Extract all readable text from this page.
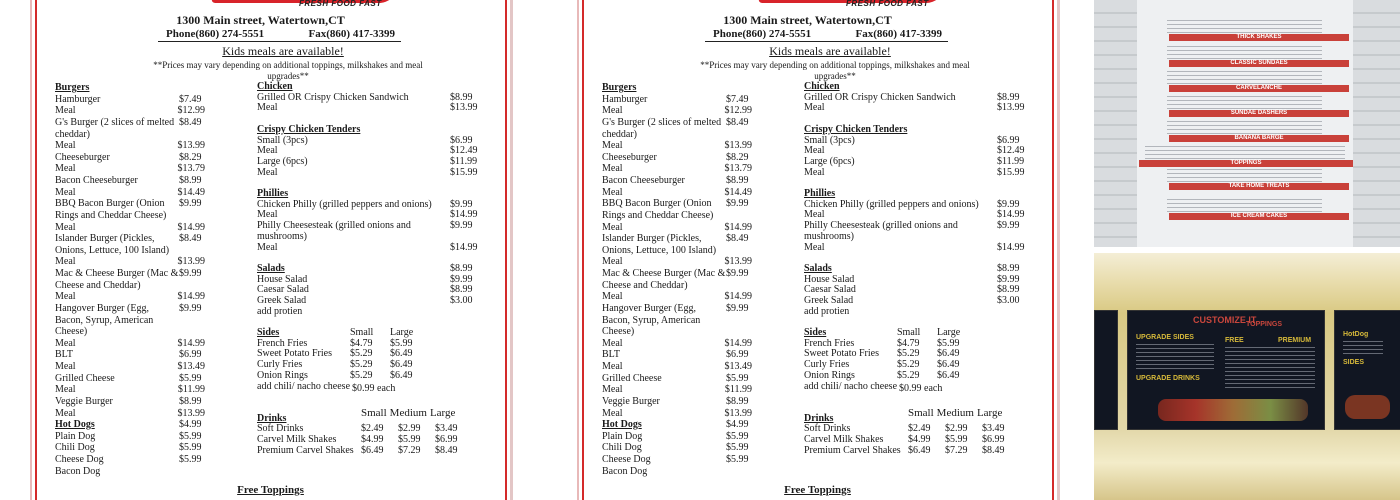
FRESH FOOD FAST
1300 Main street, Watertown,CT
Phone(860) 274-5551	Fax(860) 417-3399
Kids meals are available!
**Prices may vary depending on additional toppings, milkshakes and meal upgrades**
Burgers
Hamburger	$7.49
Meal	$12.99
G's Burger (2 slices of melted cheddar)
$8.49
Meal	$13.99
Cheeseburger	$8.29
Meal	$13.79
Bacon Cheeseburger	$8.99
Meal	$14.49
BBQ Bacon Burger (Onion Rings and Cheddar Cheese)
$9.99
Meal	$14.99
Islander Burger (Pickles, Onions, Lettuce, 100 Island)
$8.49
Meal	$13.99
Mac & Cheese Burger (Mac & Cheese and Cheddar)
$9.99
Meal	$14.99
Hangover Burger (Egg, Bacon, Syrup, American Cheese)
$9.99
Meal	$14.99
BLT	$6.99
Meal	$13.49
Grilled Cheese	$5.99
Meal	$11.99
Veggie Burger	$8.99
Meal	$13.99
Hot Dogs	$4.99
Plain Dog	$5.99
Chili Dog	$5.99
Cheese Dog	$5.99
Bacon Dog
Chicken
Grilled OR Crispy Chicken Sandwich	$8.99
Meal	$13.99
Crispy Chicken Tenders
Small (3pcs)	$6.99
Meal	$12.49
Large (6pcs)	$11.99
Meal	$15.99
Phillies
Chicken Philly (grilled peppers and onions)	$9.99
Meal	$14.99
Philly Cheesesteak (grilled onions and mushrooms)
$9.99
Meal	$14.99
Salads	$8.99
House Salad	$9.99
Caesar Salad	$8.99
Greek Salad	$3.00
add protien
Sides	Small	Large
French Fries	$4.79	$5.99
Sweet Potato Fries	$5.29	$6.49
Curly Fries	$5.29	$6.49
Onion Rings	$5.29	$6.49
add chili/ nacho cheese $0.99 each
Small Medium Large
Drinks
Soft Drinks	$2.49	$2.99	$3.49
Carvel Milk Shakes	$4.99	$5.99	$6.99
Premium Carvel Shakes $6.49	$7.29	$8.49
Free Toppings
FRESH FOOD FAST
1300 Main street, Watertown,CT
Phone(860) 274-5551	Fax(860) 417-3399
Kids meals are available!
**Prices may vary depending on additional toppings, milkshakes and meal upgrades**
Burgers
Hamburger	$7.49
Meal	$12.99
G's Burger (2 slices of melted cheddar)
$8.49
Meal	$13.99
Cheeseburger	$8.29
Meal	$13.79
Bacon Cheeseburger	$8.99
Meal	$14.49
BBQ Bacon Burger (Onion Rings and Cheddar Cheese)
$9.99
Meal	$14.99
Islander Burger (Pickles, Onions, Lettuce, 100 Island)
$8.49
Meal	$13.99
Mac & Cheese Burger (Mac & Cheese and Cheddar)
$9.99
Meal	$14.99
Hangover Burger (Egg, Bacon, Syrup, American Cheese)
$9.99
Meal	$14.99
BLT	$6.99
Meal	$13.49
Grilled Cheese	$5.99
Meal	$11.99
Veggie Burger	$8.99
Meal	$13.99
Hot Dogs	$4.99
Plain Dog	$5.99
Chili Dog	$5.99
Cheese Dog	$5.99
Bacon Dog
Chicken
Grilled OR Crispy Chicken Sandwich	$8.99
Meal	$13.99
Crispy Chicken Tenders
Small (3pcs)	$6.99
Meal	$12.49
Large (6pcs)	$11.99
Meal	$15.99
Phillies
Chicken Philly (grilled peppers and onions)	$9.99
Meal	$14.99
Philly Cheesesteak (grilled onions and mushrooms)
$9.99
Meal	$14.99
Salads	$8.99
House Salad	$9.99
Caesar Salad	$8.99
Greek Salad	$3.00
add protien
Sides	Small	Large
French Fries	$4.79	$5.99
Sweet Potato Fries	$5.29	$6.49
Curly Fries	$5.29	$6.49
Onion Rings	$5.29	$6.49
add chili/ nacho cheese $0.99 each
Small Medium Large
Drinks
Soft Drinks	$2.49	$2.99	$3.49
Carvel Milk Shakes	$4.99	$5.99	$6.99
Premium Carvel Shakes $6.49	$7.29	$8.49
Free Toppings
THICK SHAKES
CLASSIC SUNDAES
CARVELANCHE
SUNDAE DASHERS
BANANA BARGE
TOPPINGS
TAKE HOME TREATS
ICE CREAM CAKES
CUSTOMIZE IT
UPGRADE SIDES
UPGRADE DRINKS
TOPPINGS
FREE	PREMIUM
HotDog
SIDES
